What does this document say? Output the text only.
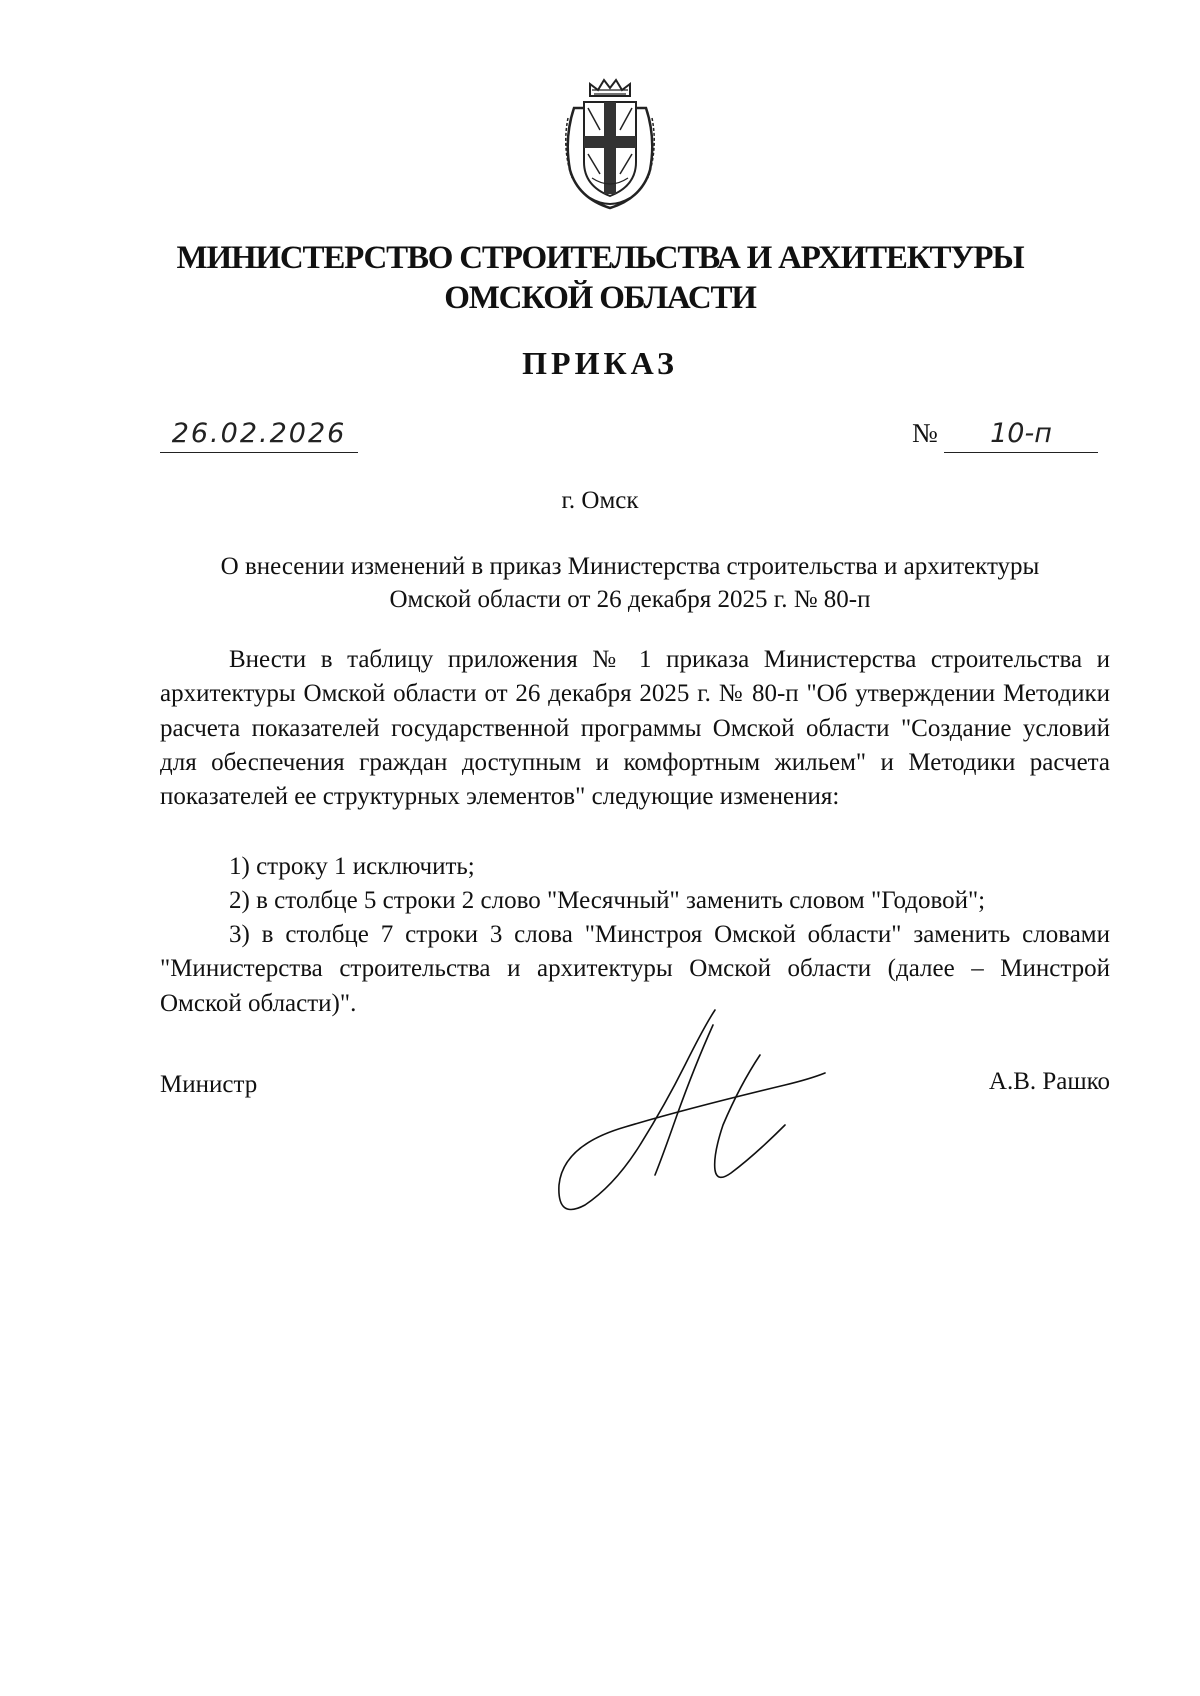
МИНИСТЕРСТВО СТРОИТЕЛЬСТВА И АРХИТЕКТУРЫ
ОМСКОЙ ОБЛАСТИ
ПРИКАЗ
26.02.2026	№	10-п
г. Омск
О внесении изменений в приказ Министерства строительства и архитектуры
Омской области от 26 декабря 2025 г. № 80-п
Внести в таблицу приложения № 1 приказа Министерства строительства и архитектуры Омской области от 26 декабря 2025 г. № 80-п "Об утверждении Методики расчета показателей государственной программы Омской области "Создание условий для обеспечения граждан доступным и комфортным жильем" и Методики расчета показателей ее структурных элементов" следующие изменения:
1) строку 1 исключить;
2) в столбце 5 строки 2 слово "Месячный" заменить словом "Годовой";
3) в столбце 7 строки 3 слова "Минстроя Омской области" заменить словами "Министерства строительства и архитектуры Омской области (далее – Минстрой Омской области)".
Министр	А.В. Рашко
